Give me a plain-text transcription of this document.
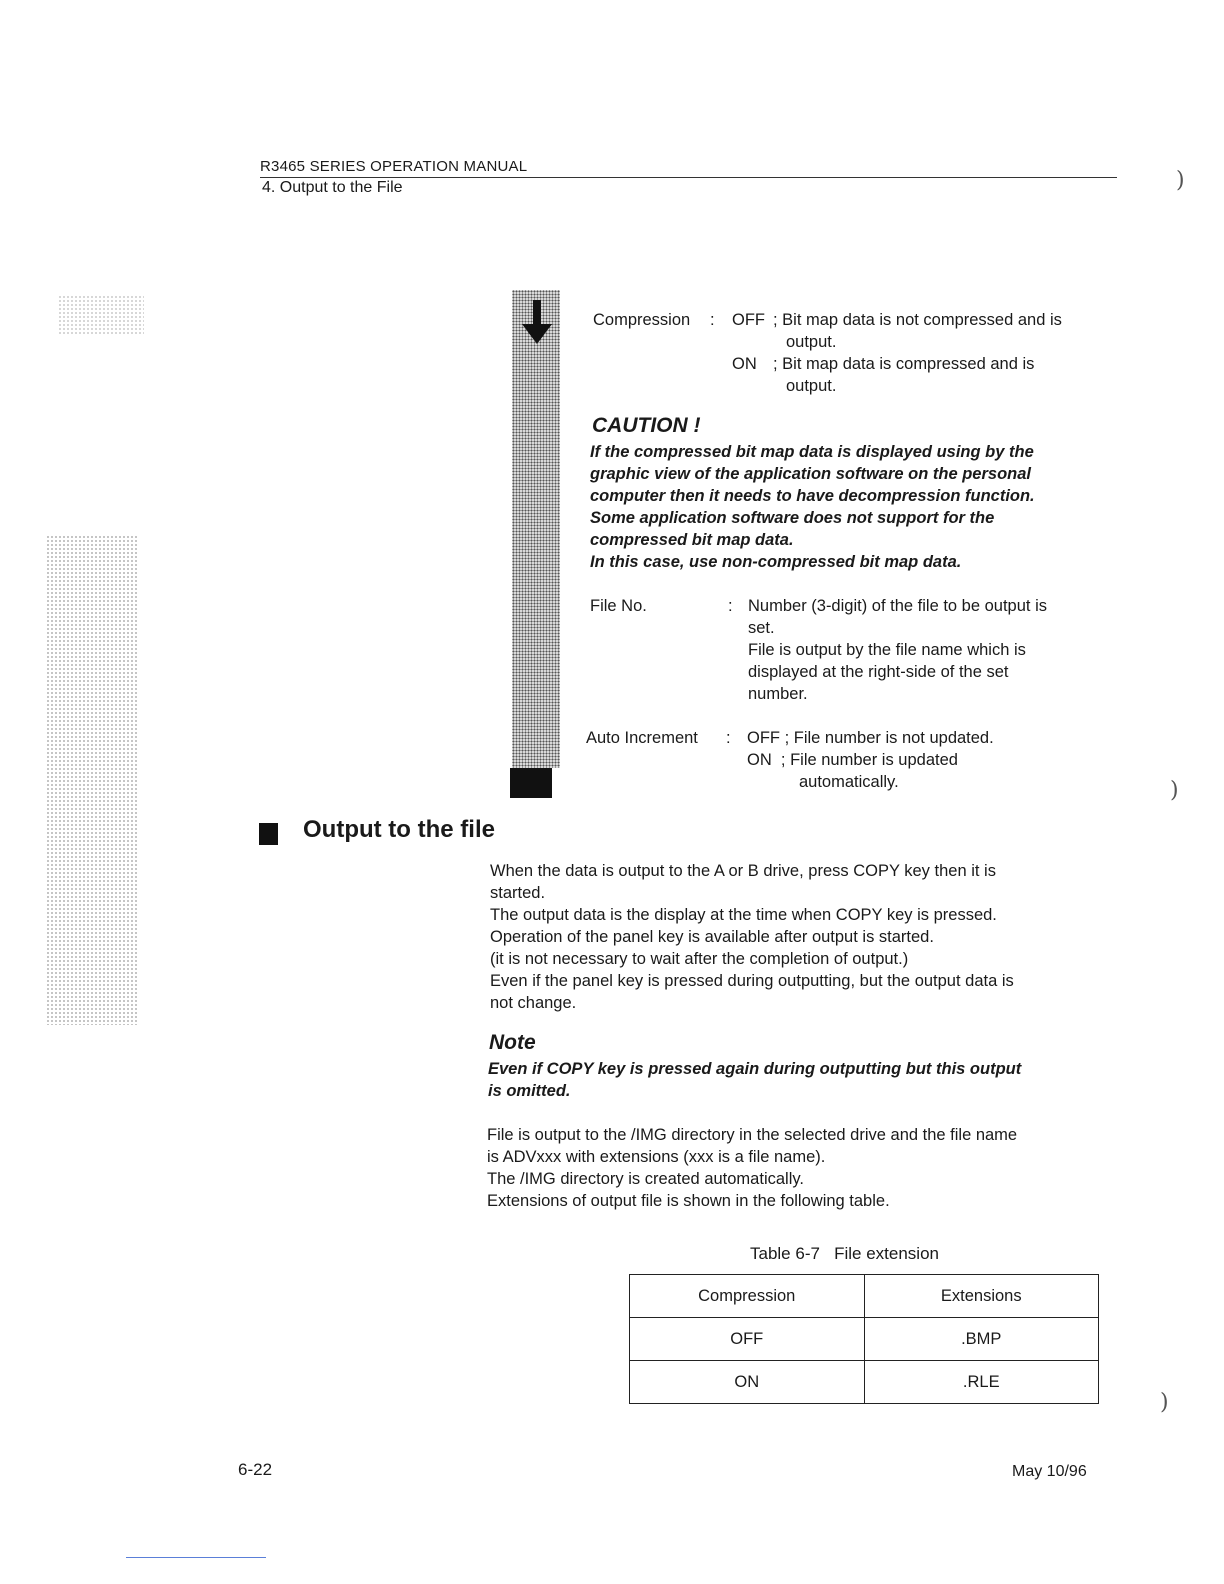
R3465 SERIES OPERATION MANUAL
4. Output to the File	)
)
)
Compression : OFF ; Bit map data is not compressed and is
output.
ON ; Bit map data is compressed and is
output.
CAUTION !

If the compressed bit map data is displayed using by the

graphic view of the application software on the personal

computer then it needs to have decompression function.

Some application software does not support for the

compressed bit map data.

In this case, use non-compressed bit map data.

File No.	: Number (3-digit) of the file to be output is
set.
File is output by the file name which is
displayed at the right-side of the set
number.
Auto Increment : OFF ; File number is not updated.
ON  ; File number is updated
automatically.
Output to the file

When the data is output to the A or B drive, press COPY key then it is

started.

The output data is the display at the time when COPY key is pressed.

Operation of the panel key is available after output is started.

(it is not necessary to wait after the completion of output.)

Even if the panel key is pressed during outputting, but the output data is

not change.

Note
Even if COPY key is pressed again during outputting but this output
is omitted.

File is output to the /IMG directory in the selected drive and the file name

is ADVxxx with extensions (xxx is a file name).

The /IMG directory is created automatically.

Extensions of output file is shown in the following table.

Table 6-7   File extension
Compression	Extensions
OFF	.BMP
ON	.RLE
6-22	May 10/96
